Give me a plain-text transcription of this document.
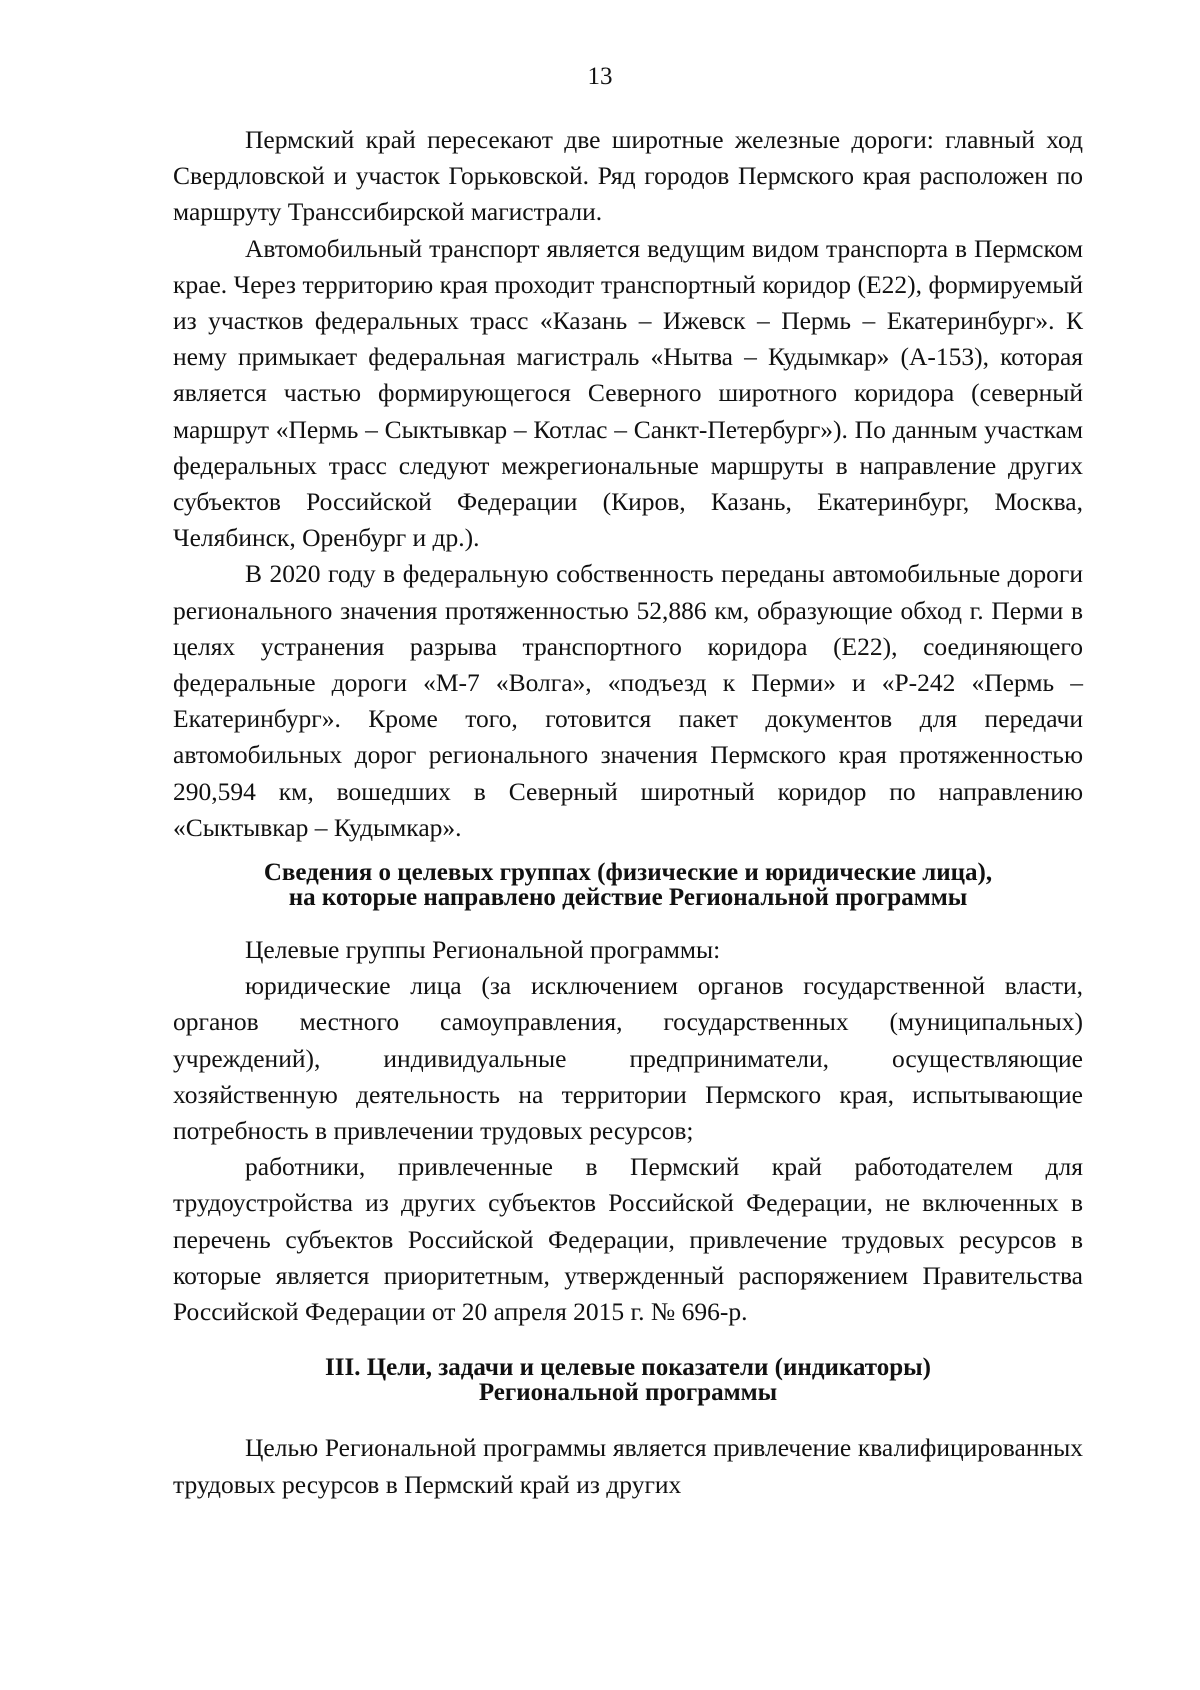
13

Пермский край пересекают две широтные железные дороги: главный ход Свердловской и участок Горьковской. Ряд городов Пермского края расположен по маршруту Транссибирской магистрали.

Автомобильный транспорт является ведущим видом транспорта в Пермском крае. Через территорию края проходит транспортный коридор (Е22), формируемый из участков федеральных трасс «Казань – Ижевск – Пермь – Екатеринбург». К нему примыкает федеральная магистраль «Нытва – Кудымкар» (А-153), которая является частью формирующегося Северного широтного коридора (северный маршрут «Пермь – Сыктывкар – Котлас – Санкт-Петербург»). По данным участкам федеральных трасс следуют межрегиональные маршруты в направление других субъектов Российской Федерации (Киров, Казань, Екатеринбург, Москва, Челябинск, Оренбург и др.).

В 2020 году в федеральную собственность переданы автомобильные дороги регионального значения протяженностью 52,886 км, образующие обход г. Перми в целях устранения разрыва транспортного коридора (Е22), соединяющего федеральные дороги «М-7 «Волга», «подъезд к Перми» и «Р-242 «Пермь – Екатеринбург». Кроме того, готовится пакет документов для передачи автомобильных дорог регионального значения Пермского края протяженностью 290,594 км, вошедших в Северный широтный коридор по направлению «Сыктывкар – Кудымкар».

Сведения о целевых группах (физические и юридические лица),
на которые направлено действие Региональной программы

Целевые группы Региональной программы:

юридические лица (за исключением органов государственной власти, органов местного самоуправления, государственных (муниципальных) учреждений), индивидуальные предприниматели, осуществляющие хозяйственную деятельность на территории Пермского края, испытывающие потребность в привлечении трудовых ресурсов;

работники, привлеченные в Пермский край работодателем для трудоустройства из других субъектов Российской Федерации, не включенных в перечень субъектов Российской Федерации, привлечение трудовых ресурсов в которые является приоритетным, утвержденный распоряжением Правительства Российской Федерации от 20 апреля 2015 г. № 696-р.

III. Цели, задачи и целевые показатели (индикаторы)
Региональной программы

Целью Региональной программы является привлечение квалифицированных трудовых ресурсов в Пермский край из других
